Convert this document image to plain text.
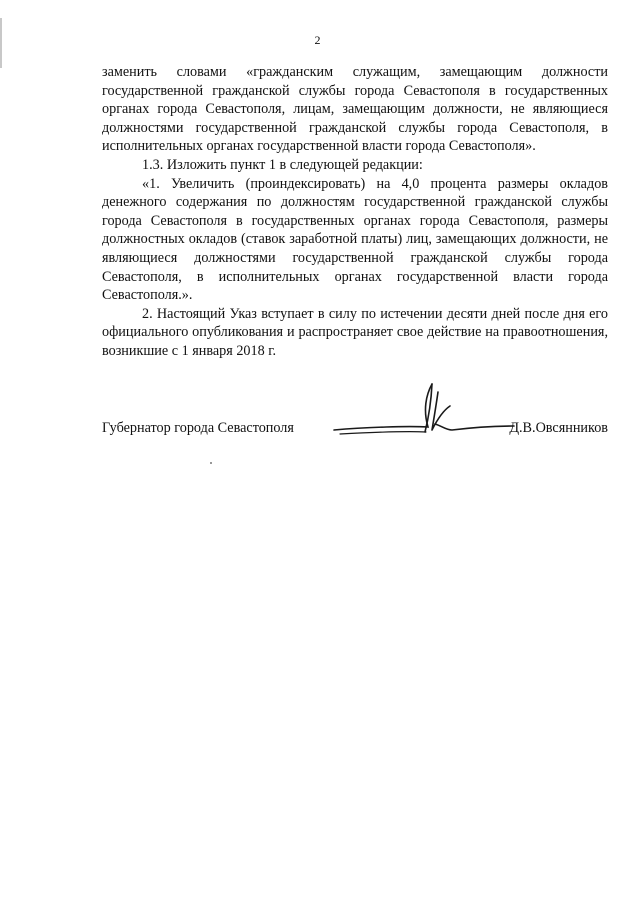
2

заменить словами «гражданским служащим, замещающим должности государственной гражданской службы города Севастополя в государственных органах города Севастополя, лицам, замещающим должности, не являющиеся должностями государственной гражданской службы города Севастополя, в исполнительных органах государственной власти города Севастополя».

1.3. Изложить пункт 1 в следующей редакции:

«1. Увеличить (проиндексировать) на 4,0 процента размеры окладов денежного содержания по должностям государственной гражданской службы города Севастополя в государственных органах города Севастополя, размеры должностных окладов (ставок заработной платы) лиц, замещающих должности, не являющиеся должностями государственной гражданской службы города Севастополя, в исполнительных органах государственной власти города Севастополя.».

2. Настоящий Указ вступает в силу по истечении десяти дней после дня его официального опубликования и распространяет свое действие на правоотношения, возникшие с 1 января 2018 г.

Губернатор города Севастополя	Д.В.Овсянников
